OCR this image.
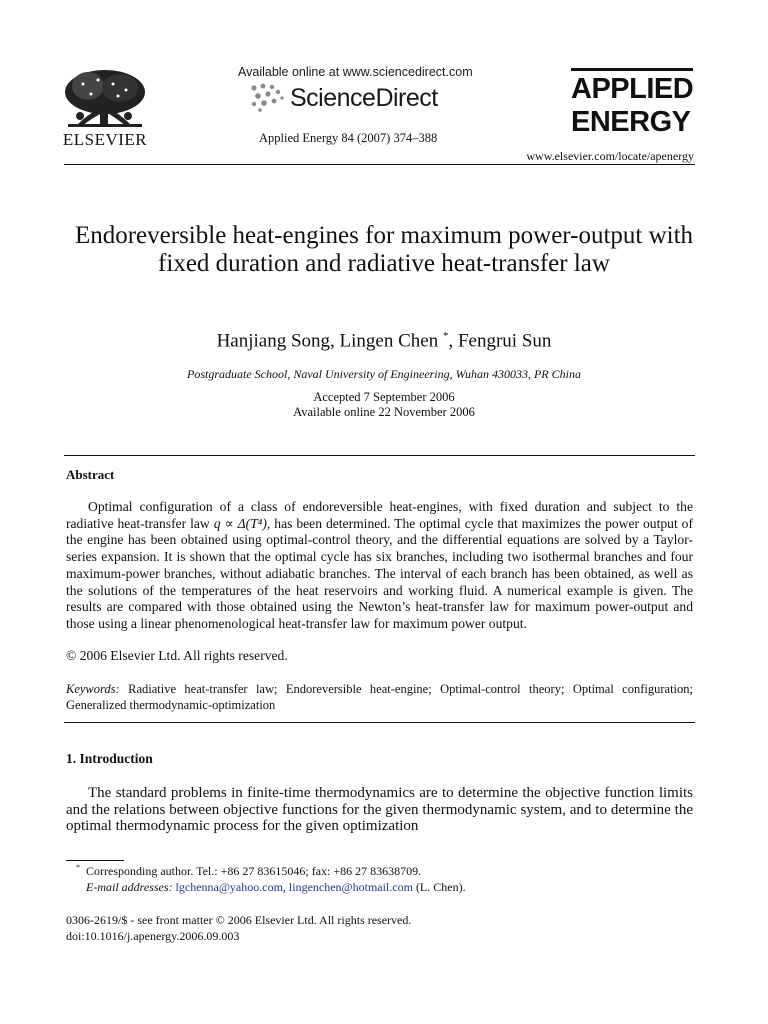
ELSEVIER
Available online at www.sciencedirect.com
ScienceDirect
Applied Energy 84 (2007) 374–388
APPLIED
ENERGY
www.elsevier.com/locate/apenergy
Endoreversible heat-engines for maximum power-output with fixed duration and radiative heat-transfer law
Hanjiang Song, Lingen Chen *, Fengrui Sun
Postgraduate School, Naval University of Engineering, Wuhan 430033, PR China
Accepted 7 September 2006
Available online 22 November 2006
Abstract

Optimal configuration of a class of endoreversible heat-engines, with fixed duration and subject to the radiative heat-transfer law q ∝ Δ(T⁴), has been determined. The optimal cycle that maximizes the power output of the engine has been obtained using optimal-control theory, and the differential equations are solved by a Taylor-series expansion. It is shown that the optimal cycle has six branches, including two isothermal branches and four maximum-power branches, without adiabatic branches. The interval of each branch has been obtained, as well as the solutions of the temperatures of the heat reservoirs and working fluid. A numerical example is given. The results are compared with those obtained using the Newton’s heat-transfer law for maximum power-output and those using a linear phenomenological heat-transfer law for maximum power output.

© 2006 Elsevier Ltd. All rights reserved.
Keywords: Radiative heat-transfer law; Endoreversible heat-engine; Optimal-control theory; Optimal configuration; Generalized thermodynamic-optimization
1. Introduction

The standard problems in finite-time thermodynamics are to determine the objective function limits and the relations between objective functions for the given thermodynamic system, and to determine the optimal thermodynamic process for the given optimization

* Corresponding author. Tel.: +86 27 83615046; fax: +86 27 83638709.
E-mail addresses: lgchenna@yahoo.com, lingenchen@hotmail.com (L. Chen).
0306-2619/$ - see front matter © 2006 Elsevier Ltd. All rights reserved.
doi:10.1016/j.apenergy.2006.09.003
